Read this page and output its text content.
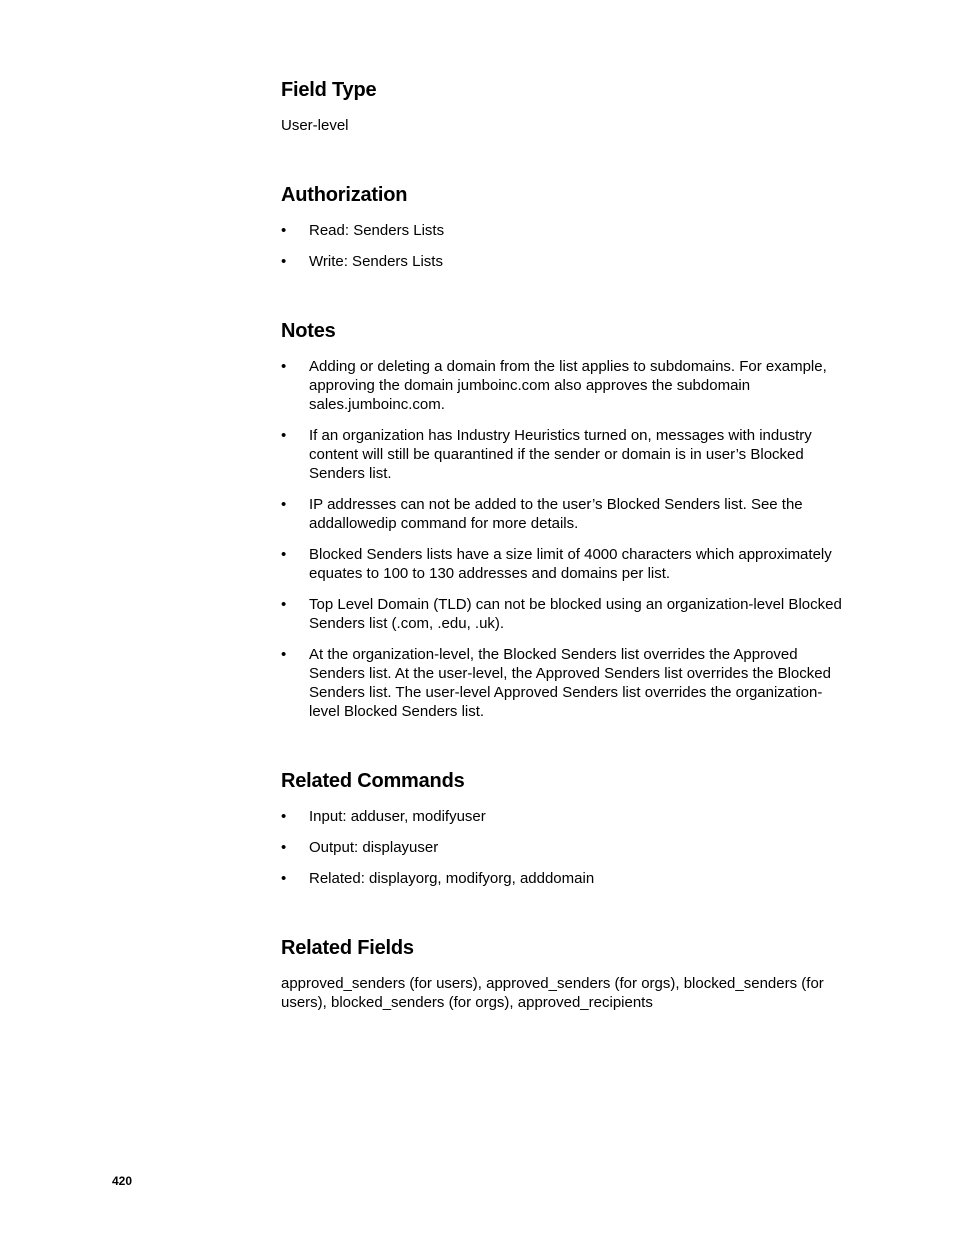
Field Type

User-level

Authorization
•	Read: Senders Lists
•	Write: Senders Lists
Notes
•	Adding or deleting a domain from the list applies to subdomains. For example, approving the domain jumboinc.com also approves the subdomain sales.jumboinc.com.
•	If an organization has Industry Heuristics turned on, messages with industry content will still be quarantined if the sender or domain is in user’s Blocked Senders list.
•	IP addresses can not be added to the user’s Blocked Senders list. See the addallowedip command for more details.
•	Blocked Senders lists have a size limit of 4000 characters which approximately equates to 100 to 130 addresses and domains per list.
•	Top Level Domain (TLD) can not be blocked using an organization-level Blocked Senders list (.com, .edu, .uk).
•	At the organization-level, the Blocked Senders list overrides the Approved Senders list. At the user-level, the Approved Senders list overrides the Blocked Senders list. The user-level Approved Senders list overrides the organization-level Blocked Senders list.
Related Commands
•	Input: adduser, modifyuser
•	Output: displayuser
•	Related: displayorg, modifyorg, adddomain
Related Fields

approved_senders (for users), approved_senders (for orgs), blocked_senders (for users), blocked_senders (for orgs), approved_recipients

420
